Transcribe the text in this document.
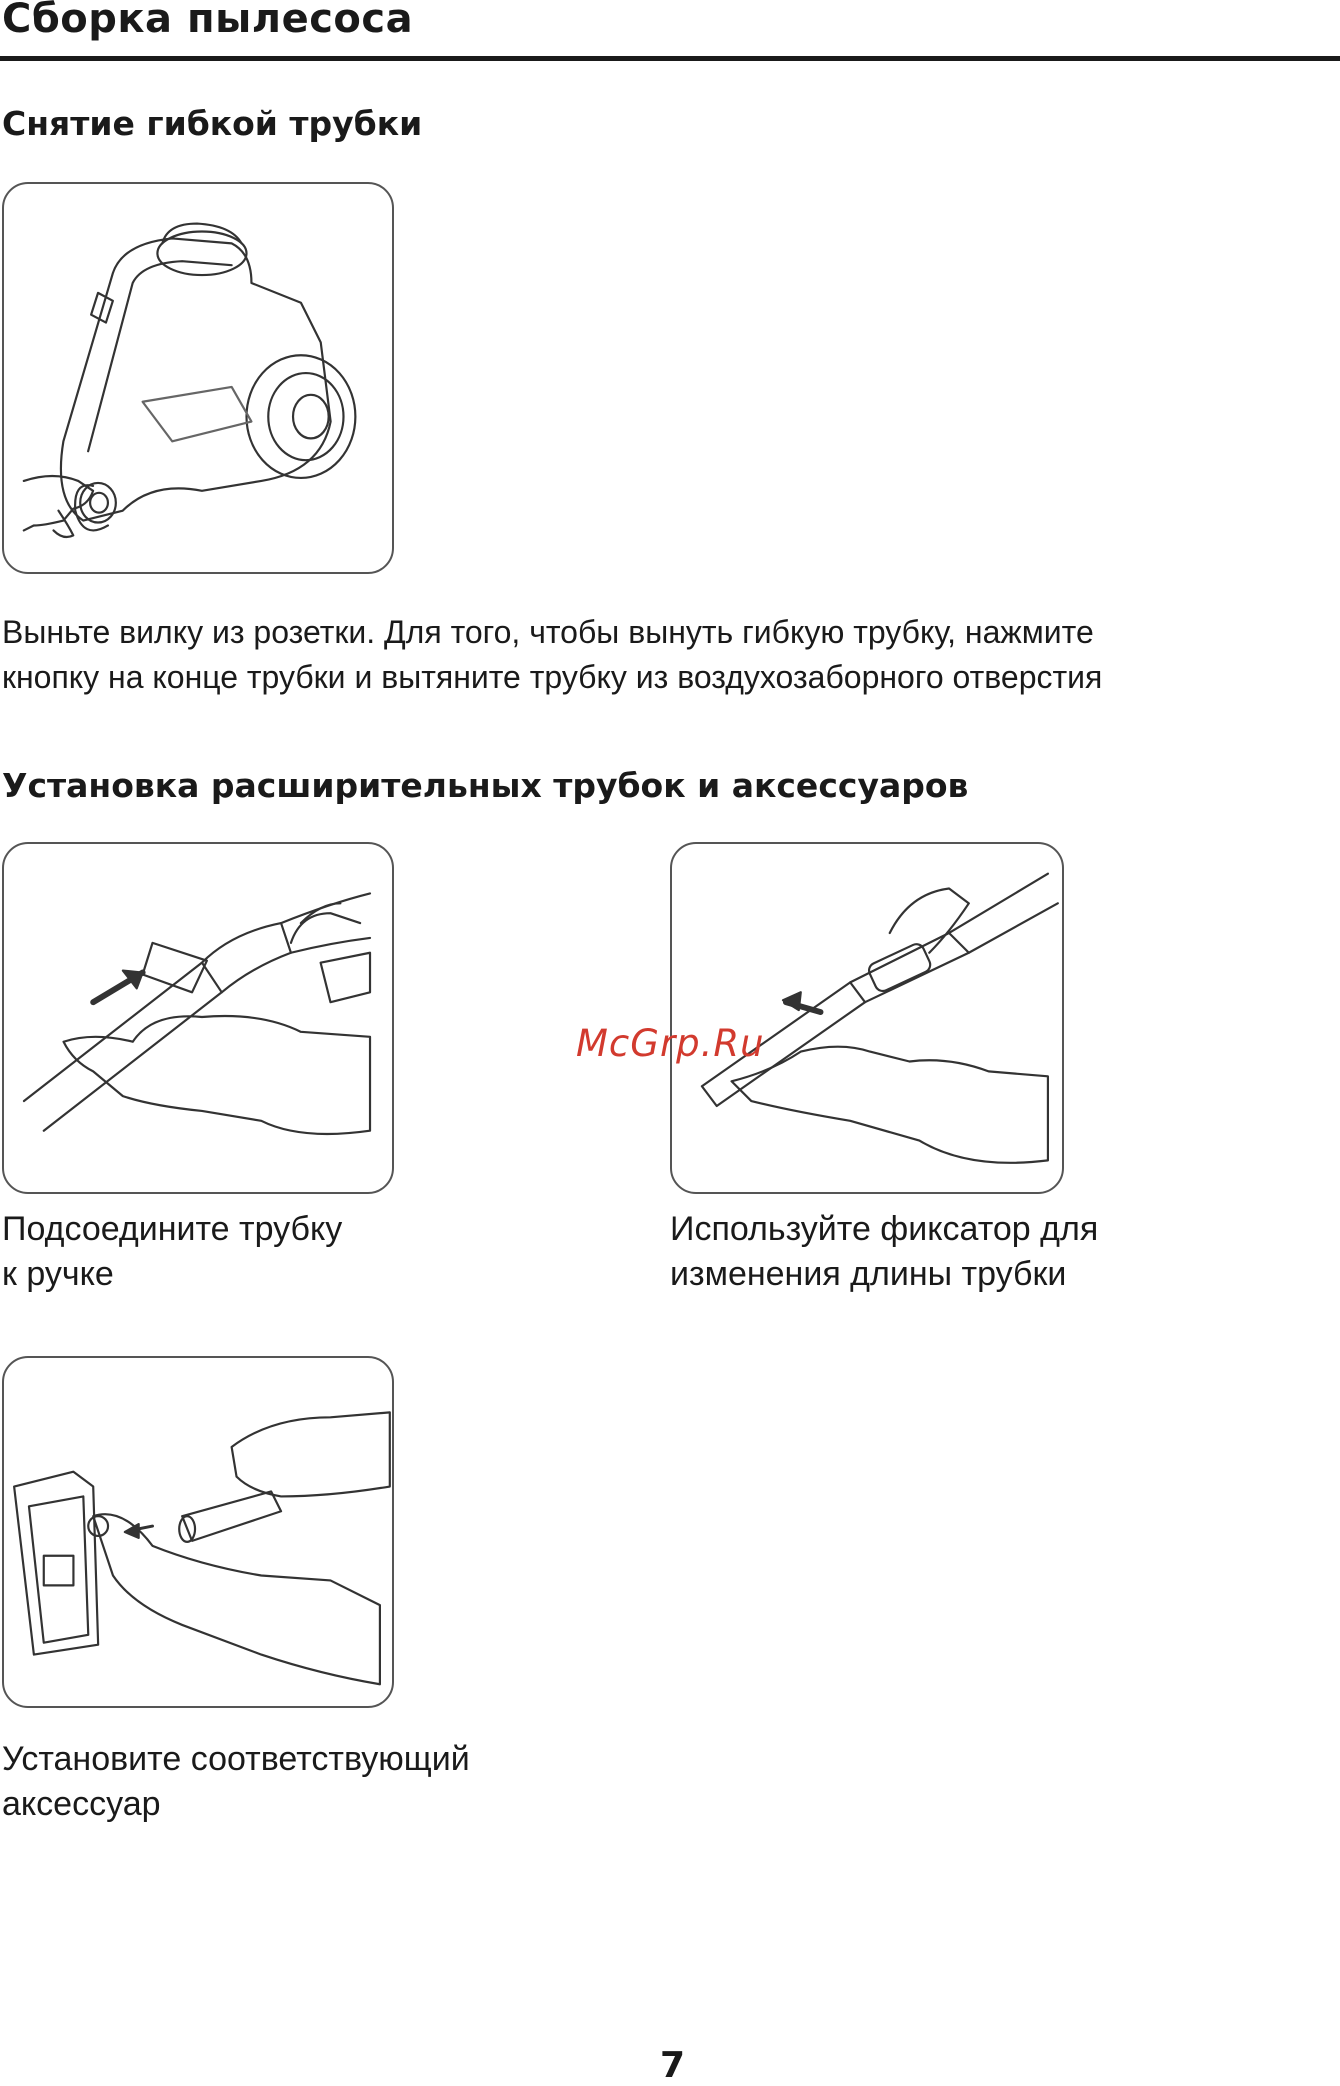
Сборка пылесоса
Снятие гибкой трубки
Выньте вилку из розетки. Для того, чтобы вынуть гибкую трубку, нажмите
кнопку на конце трубки и вытяните трубку из воздухозаборного отверстия
Установка расширительных трубок и аксессуаров
Подсоедините трубку
к ручке
Используйте фиксатор для
изменения длины трубки
Установите соответствующий
аксессуар
McGrp.Ru
7
